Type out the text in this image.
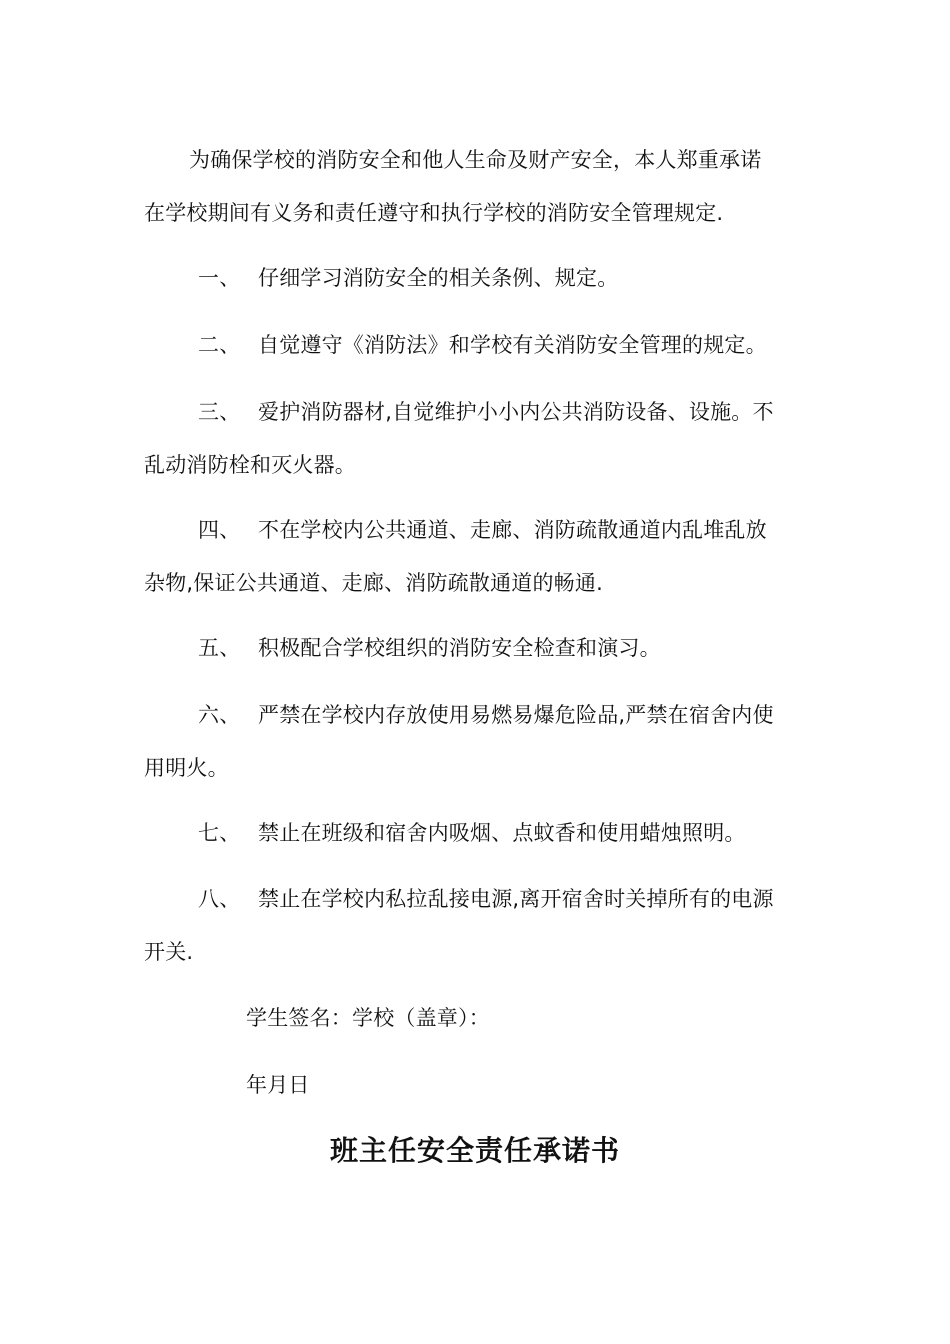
为确保学校的消防安全和他人生命及财产安全，本人郑重承诺
在学校期间有义务和责任遵守和执行学校的消防安全管理规定.
一、 仔细学习消防安全的相关条例、规定。
二、 自觉遵守《消防法》和学校有关消防安全管理的规定。
三、 爱护消防器材,自觉维护小小内公共消防设备、设施。不
乱动消防栓和灭火器。
四、 不在学校内公共通道、走廊、消防疏散通道内乱堆乱放
杂物,保证公共通道、走廊、消防疏散通道的畅通.
五、 积极配合学校组织的消防安全检查和演习。
六、 严禁在学校内存放使用易燃易爆危险品,严禁在宿舍内使
用明火。
七、 禁止在班级和宿舍内吸烟、点蚊香和使用蜡烛照明。
八、 禁止在学校内私拉乱接电源,离开宿舍时关掉所有的电源
开关.
学生签名：学校（盖章）：
年月日
班主任安全责任承诺书
